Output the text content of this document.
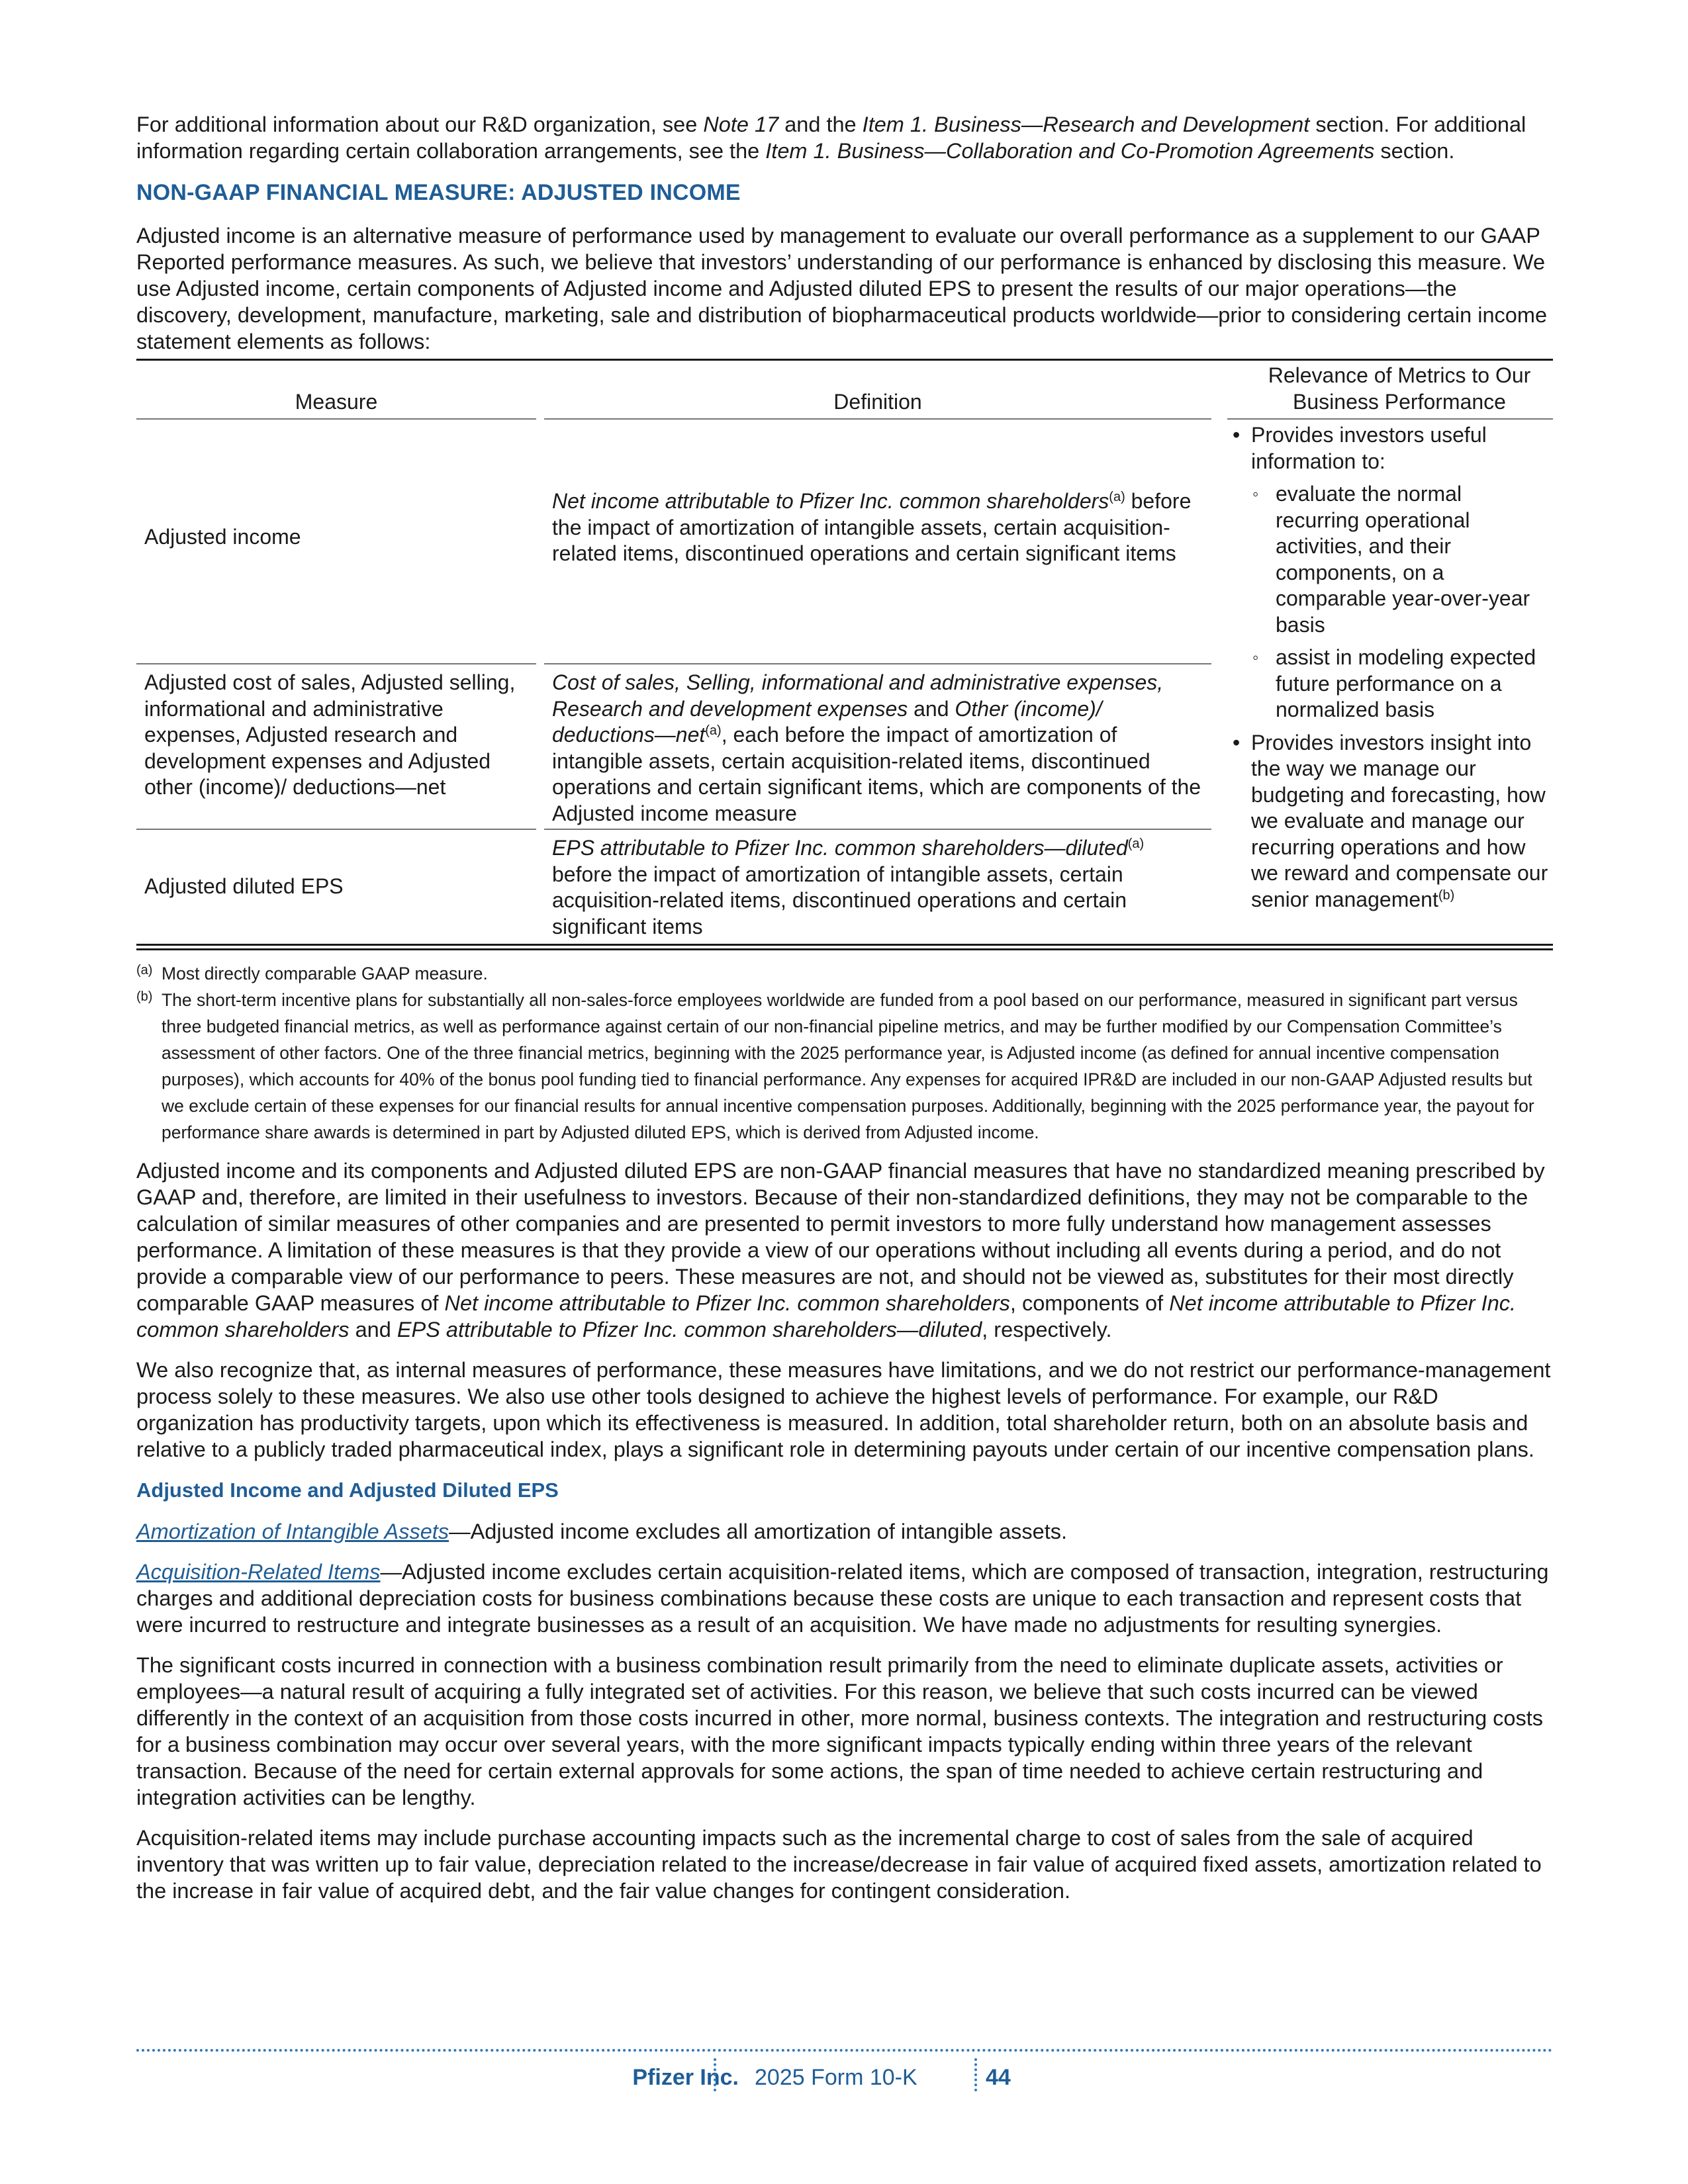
For additional information about our R&D organization, see Note 17 and the Item 1. Business—Research and Development section. For additional information regarding certain collaboration arrangements, see the Item 1. Business—Collaboration and Co-Promotion Agreements section.

NON-GAAP FINANCIAL MEASURE: ADJUSTED INCOME

Adjusted income is an alternative measure of performance used by management to evaluate our overall performance as a supplement to our GAAP Reported performance measures. As such, we believe that investors’ understanding of our performance is enhanced by disclosing this measure. We use Adjusted income, certain components of Adjusted income and Adjusted diluted EPS to present the results of our major operations—the discovery, development, manufacture, marketing, sale and distribution of biopharmaceutical products worldwide—prior to considering certain income statement elements as follows:

Measure	Definition
Relevance of Metrics to Our Business Performance
Adjusted income
Net income attributable to Pfizer Inc. common shareholders$^{(a)}$ before the impact of amortization of intangible assets, certain acquisition-related items, discontinued operations and certain significant items
Adjusted cost of sales, Adjusted selling, informational and administrative expenses, Adjusted research and development expenses and Adjusted other (income)/ deductions—net
Cost of sales, Selling, informational and administrative expenses, Research and development expenses and Other (income)/ deductions—net$^{(a)}$, each before the impact of amortization of intangible assets, certain acquisition-related items, discontinued operations and certain significant items, which are components of the Adjusted income measure
Adjusted diluted EPS
EPS attributable to Pfizer Inc. common shareholders—diluted$^{(a)}$ before the impact of amortization of intangible assets, certain acquisition-related items, discontinued operations and certain significant items
• Provides investors useful information to:
◦ evaluate the normal recurring operational activities, and their components, on a comparable year-over-year basis
◦ assist in modeling expected future performance on a normalized basis
• Provides investors insight into the way we manage our budgeting and forecasting, how we evaluate and manage our recurring operations and how we reward and compensate our senior management$^{(b)}$
(a) Most directly comparable GAAP measure.
(b) The short-term incentive plans for substantially all non-sales-force employees worldwide are funded from a pool based on our performance, measured in significant part versus three budgeted financial metrics, as well as performance against certain of our non-financial pipeline metrics, and may be further modified by our Compensation Committee’s assessment of other factors. One of the three financial metrics, beginning with the 2025 performance year, is Adjusted income (as defined for annual incentive compensation purposes), which accounts for 40% of the bonus pool funding tied to financial performance. Any expenses for acquired IPR&D are included in our non-GAAP Adjusted results but we exclude certain of these expenses for our financial results for annual incentive compensation purposes. Additionally, beginning with the 2025 performance year, the payout for performance share awards is determined in part by Adjusted diluted EPS, which is derived from Adjusted income.

Adjusted income and its components and Adjusted diluted EPS are non-GAAP financial measures that have no standardized meaning prescribed by GAAP and, therefore, are limited in their usefulness to investors. Because of their non-standardized definitions, they may not be comparable to the calculation of similar measures of other companies and are presented to permit investors to more fully understand how management assesses performance. A limitation of these measures is that they provide a view of our operations without including all events during a period, and do not provide a comparable view of our performance to peers. These measures are not, and should not be viewed as, substitutes for their most directly comparable GAAP measures of Net income attributable to Pfizer Inc. common shareholders, components of Net income attributable to Pfizer Inc. common shareholders and EPS attributable to Pfizer Inc. common shareholders—diluted, respectively.

We also recognize that, as internal measures of performance, these measures have limitations, and we do not restrict our performance-management process solely to these measures. We also use other tools designed to achieve the highest levels of performance. For example, our R&D organization has productivity targets, upon which its effectiveness is measured. In addition, total shareholder return, both on an absolute basis and relative to a publicly traded pharmaceutical index, plays a significant role in determining payouts under certain of our incentive compensation plans.

Adjusted Income and Adjusted Diluted EPS

Amortization of Intangible Assets—Adjusted income excludes all amortization of intangible assets.

Acquisition-Related Items—Adjusted income excludes certain acquisition-related items, which are composed of transaction, integration, restructuring charges and additional depreciation costs for business combinations because these costs are unique to each transaction and represent costs that were incurred to restructure and integrate businesses as a result of an acquisition. We have made no adjustments for resulting synergies.

The significant costs incurred in connection with a business combination result primarily from the need to eliminate duplicate assets, activities or employees—a natural result of acquiring a fully integrated set of activities. For this reason, we believe that such costs incurred can be viewed differently in the context of an acquisition from those costs incurred in other, more normal, business contexts. The integration and restructuring costs for a business combination may occur over several years, with the more significant impacts typically ending within three years of the relevant transaction. Because of the need for certain external approvals for some actions, the span of time needed to achieve certain restructuring and integration activities can be lengthy.

Acquisition-related items may include purchase accounting impacts such as the incremental charge to cost of sales from the sale of acquired inventory that was written up to fair value, depreciation related to the increase/decrease in fair value of acquired fixed assets, amortization related to the increase in fair value of acquired debt, and the fair value changes for contingent consideration.

Pfizer Inc. 2025 Form 10-K	44
